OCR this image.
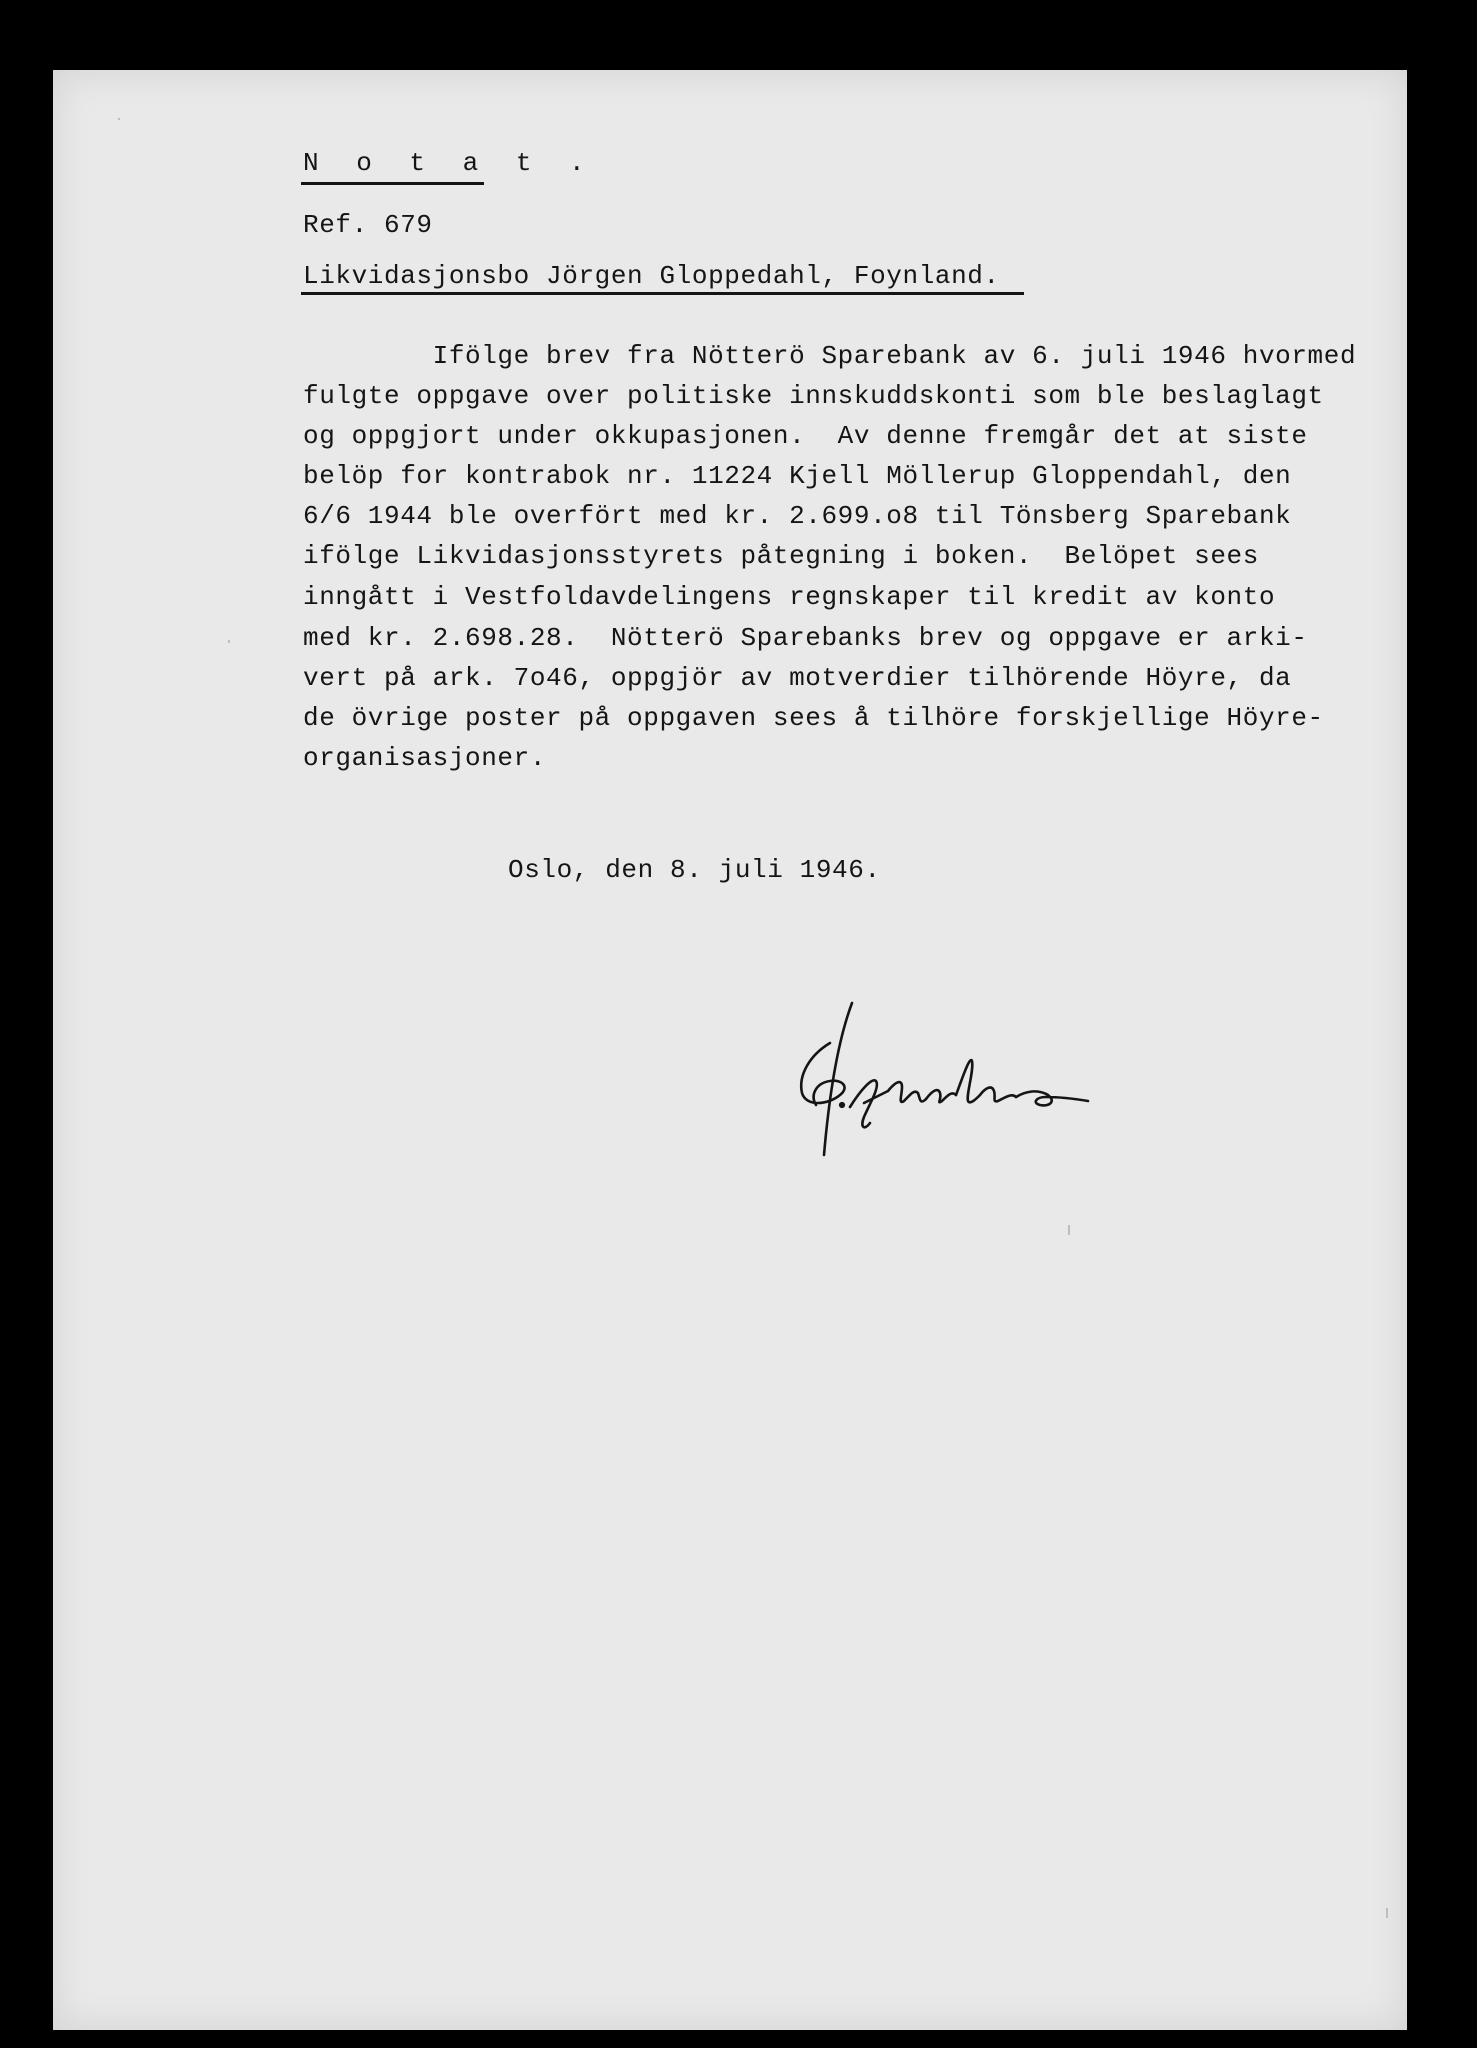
N o t a t .
Ref. 679
Likvidasjonsbo Jörgen Gloppedahl, Foynland.
Ifölge brev fra Nötterö Sparebank av 6. juli 1946 hvormed
fulgte oppgave over politiske innskuddskonti som ble beslaglagt
og oppgjort under okkupasjonen.  Av denne fremgår det at siste
belöp for kontrabok nr. 11224 Kjell Möllerup Gloppendahl, den
6/6 1944 ble overfört med kr. 2.699.o8 til Tönsberg Sparebank
ifölge Likvidasjonsstyrets påtegning i boken.  Belöpet sees
inngått i Vestfoldavdelingens regnskaper til kredit av konto
med kr. 2.698.28.  Nötterö Sparebanks brev og oppgave er arki-
vert på ark. 7o46, oppgjör av motverdier tilhörende Höyre, da
de övrige poster på oppgaven sees å tilhöre forskjellige Höyre-
organisasjoner.
Oslo, den 8. juli 1946.
